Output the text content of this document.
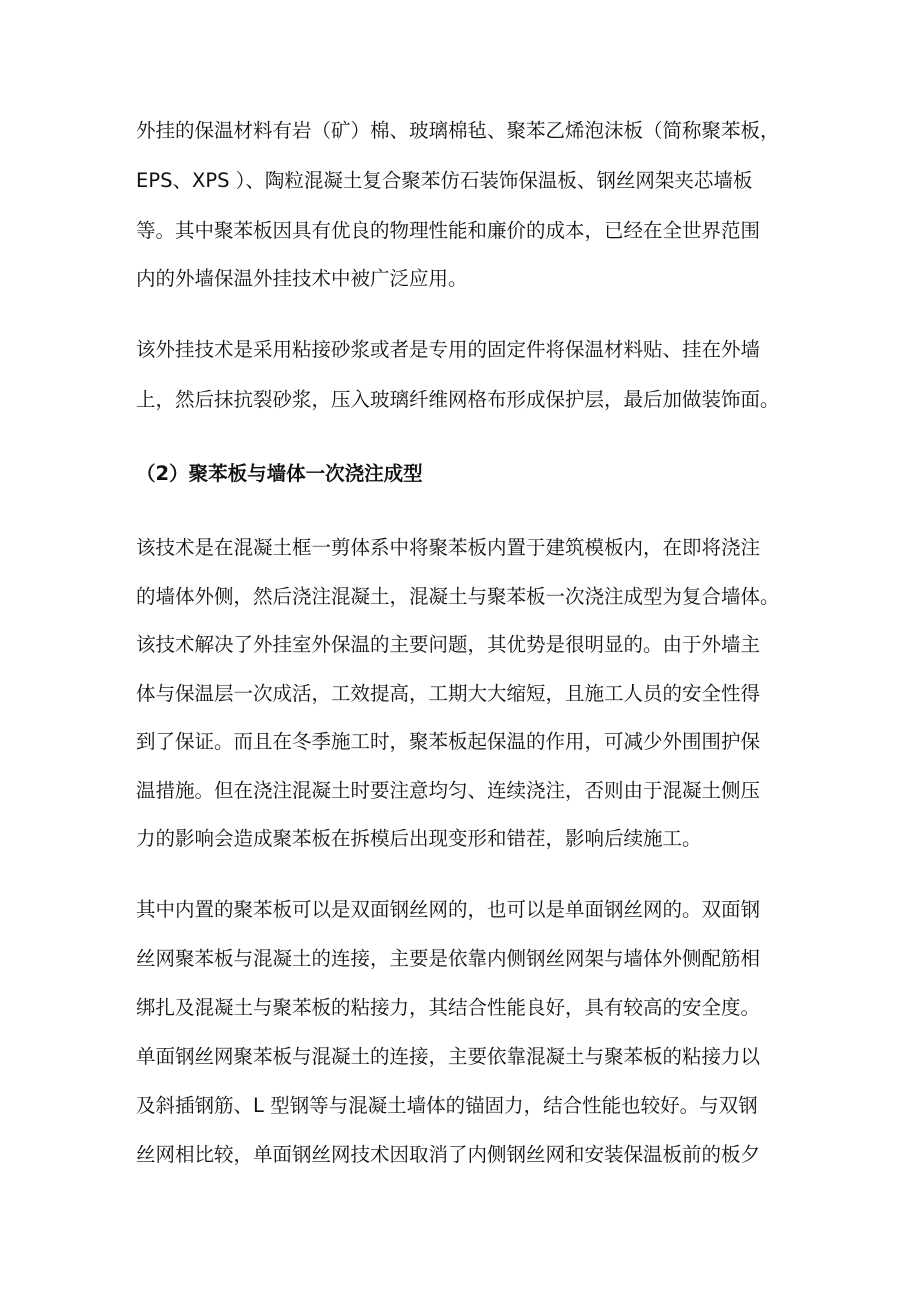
外挂的保温材料有岩（矿）棉、玻璃棉毡、聚苯乙烯泡沫板（简称聚苯板，

EPS、XPS ）、陶粒混凝土复合聚苯仿石装饰保温板、钢丝网架夹芯墙板

等。其中聚苯板因具有优良的物理性能和廉价的成本，已经在全世界范围

内的外墙保温外挂技术中被广泛应用。

该外挂技术是采用粘接砂浆或者是专用的固定件将保温材料贴、挂在外墙

上，然后抹抗裂砂浆，压入玻璃纤维网格布形成保护层，最后加做装饰面。

（2）聚苯板与墙体一次浇注成型

该技术是在混凝土框一剪体系中将聚苯板内置于建筑模板内，在即将浇注

的墙体外侧，然后浇注混凝土，混凝土与聚苯板一次浇注成型为复合墙体。

该技术解决了外挂室外保温的主要问题，其优势是很明显的。由于外墙主

体与保温层一次成活，工效提高，工期大大缩短，且施工人员的安全性得

到了保证。而且在冬季施工时，聚苯板起保温的作用，可减少外围围护保

温措施。但在浇注混凝土时要注意均匀、连续浇注，否则由于混凝土侧压

力的影响会造成聚苯板在拆模后出现变形和错茬，影响后续施工。

其中内置的聚苯板可以是双面钢丝网的，也可以是单面钢丝网的。双面钢

丝网聚苯板与混凝土的连接，主要是依靠内侧钢丝网架与墙体外侧配筋相

绑扎及混凝土与聚苯板的粘接力，其结合性能良好，具有较高的安全度。

单面钢丝网聚苯板与混凝土的连接，主要依靠混凝土与聚苯板的粘接力以

及斜插钢筋、L 型钢等与混凝土墙体的锚固力，结合性能也较好。与双钢

丝网相比较，单面钢丝网技术因取消了内侧钢丝网和安装保温板前的板夕
